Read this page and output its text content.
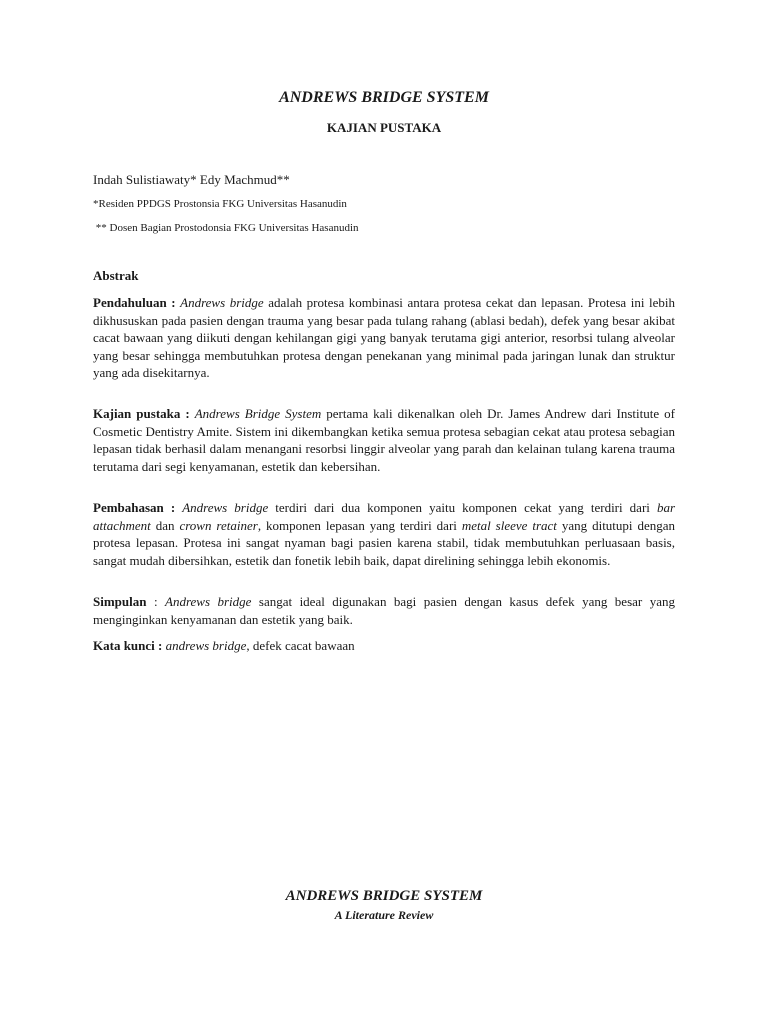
ANDREWS BRIDGE SYSTEM
KAJIAN PUSTAKA
Indah Sulistiawaty* Edy Machmud**
*Residen PPDGS Prostonsia FKG Universitas Hasanudin
** Dosen Bagian Prostodonsia FKG Universitas Hasanudin
Abstrak
Pendahuluan : Andrews bridge adalah protesa kombinasi antara protesa cekat dan lepasan. Protesa ini lebih dikhususkan pada pasien dengan trauma yang besar pada tulang rahang (ablasi bedah), defek yang besar akibat cacat bawaan yang diikuti dengan kehilangan gigi yang banyak terutama gigi anterior, resorbsi tulang alveolar yang besar sehingga membutuhkan protesa dengan penekanan yang minimal pada jaringan lunak dan struktur yang ada disekitarnya.
Kajian pustaka : Andrews Bridge System pertama kali dikenalkan oleh Dr. James Andrew dari Institute of Cosmetic Dentistry Amite. Sistem ini dikembangkan ketika semua protesa sebagian cekat atau protesa sebagian lepasan tidak berhasil dalam menangani resorbsi linggir alveolar yang parah dan kelainan tulang karena trauma terutama dari segi kenyamanan, estetik dan kebersihan.
Pembahasan : Andrews bridge terdiri dari dua komponen yaitu komponen cekat yang terdiri dari bar attachment dan crown retainer, komponen lepasan yang terdiri dari metal sleeve tract yang ditutupi dengan protesa lepasan. Protesa ini sangat nyaman bagi pasien karena stabil, tidak membutuhkan perluasaan basis, sangat mudah dibersihkan, estetik dan fonetik lebih baik, dapat direlining sehingga lebih ekonomis.
Simpulan : Andrews bridge sangat ideal digunakan bagi pasien dengan kasus defek yang besar yang menginginkan kenyamanan dan estetik yang baik.
Kata kunci : andrews bridge, defek cacat bawaan
ANDREWS BRIDGE SYSTEM
A Literature Review
